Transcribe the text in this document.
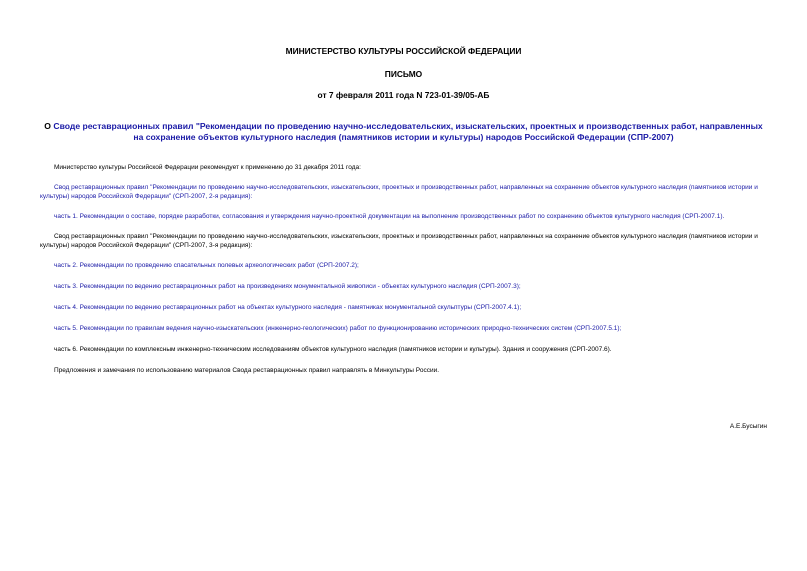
МИНИСТЕРСТВО КУЛЬТУРЫ РОССИЙСКОЙ ФЕДЕРАЦИИ
ПИСЬМО
от 7 февраля 2011 года N 723-01-39/05-АБ
О Своде реставрационных правил "Рекомендации по проведению научно-исследовательских, изыскательских, проектных и производственных работ, направленных на сохранение объектов культурного наследия (памятников истории и культуры) народов Российской Федерации (СПР-2007)

Министерство культуры Российской Федерации рекомендует к применению до 31 декабря 2011 года:

Свод реставрационных правил "Рекомендации по проведению научно-исследовательских, изыскательских, проектных и производственных работ, направленных на сохранение объектов культурного наследия (памятников истории и культуры) народов Российской Федерации" (СРП-2007, 2-я редакция):

часть 1. Рекомендации о составе, порядке разработки, согласования и утверждения научно-проектной документации на выполнение производственных работ по сохранению объектов культурного наследия (СРП-2007.1).

Свод реставрационных правил "Рекомендации по проведению научно-исследовательских, изыскательских, проектных и производственных работ, направленных на сохранение объектов культурного наследия (памятников истории и культуры) народов Российской Федерации" (СРП-2007, 3-я редакция):

часть 2. Рекомендации по проведению спасательных полевых археологических работ (СРП-2007.2);

часть 3. Рекомендации по ведению реставрационных работ на произведениях монументальной живописи - объектах культурного наследия (СРП-2007.3);

часть 4. Рекомендации по ведению реставрационных работ на объектах культурного наследия - памятниках монументальной скульптуры (СРП-2007.4.1);

часть 5. Рекомендации по правилам ведения научно-изыскательских (инженерно-геологических) работ по функционированию исторических природно-технических систем (СРП-2007.5.1);

часть 6. Рекомендации по комплексным инженерно-техническим исследованиям объектов культурного наследия (памятников истории и культуры). Здания и сооружения (СРП-2007.6).

Предложения и замечания по использованию материалов Свода реставрационных правил направлять в Минкультуры России.

А.Е.Бусыгин
